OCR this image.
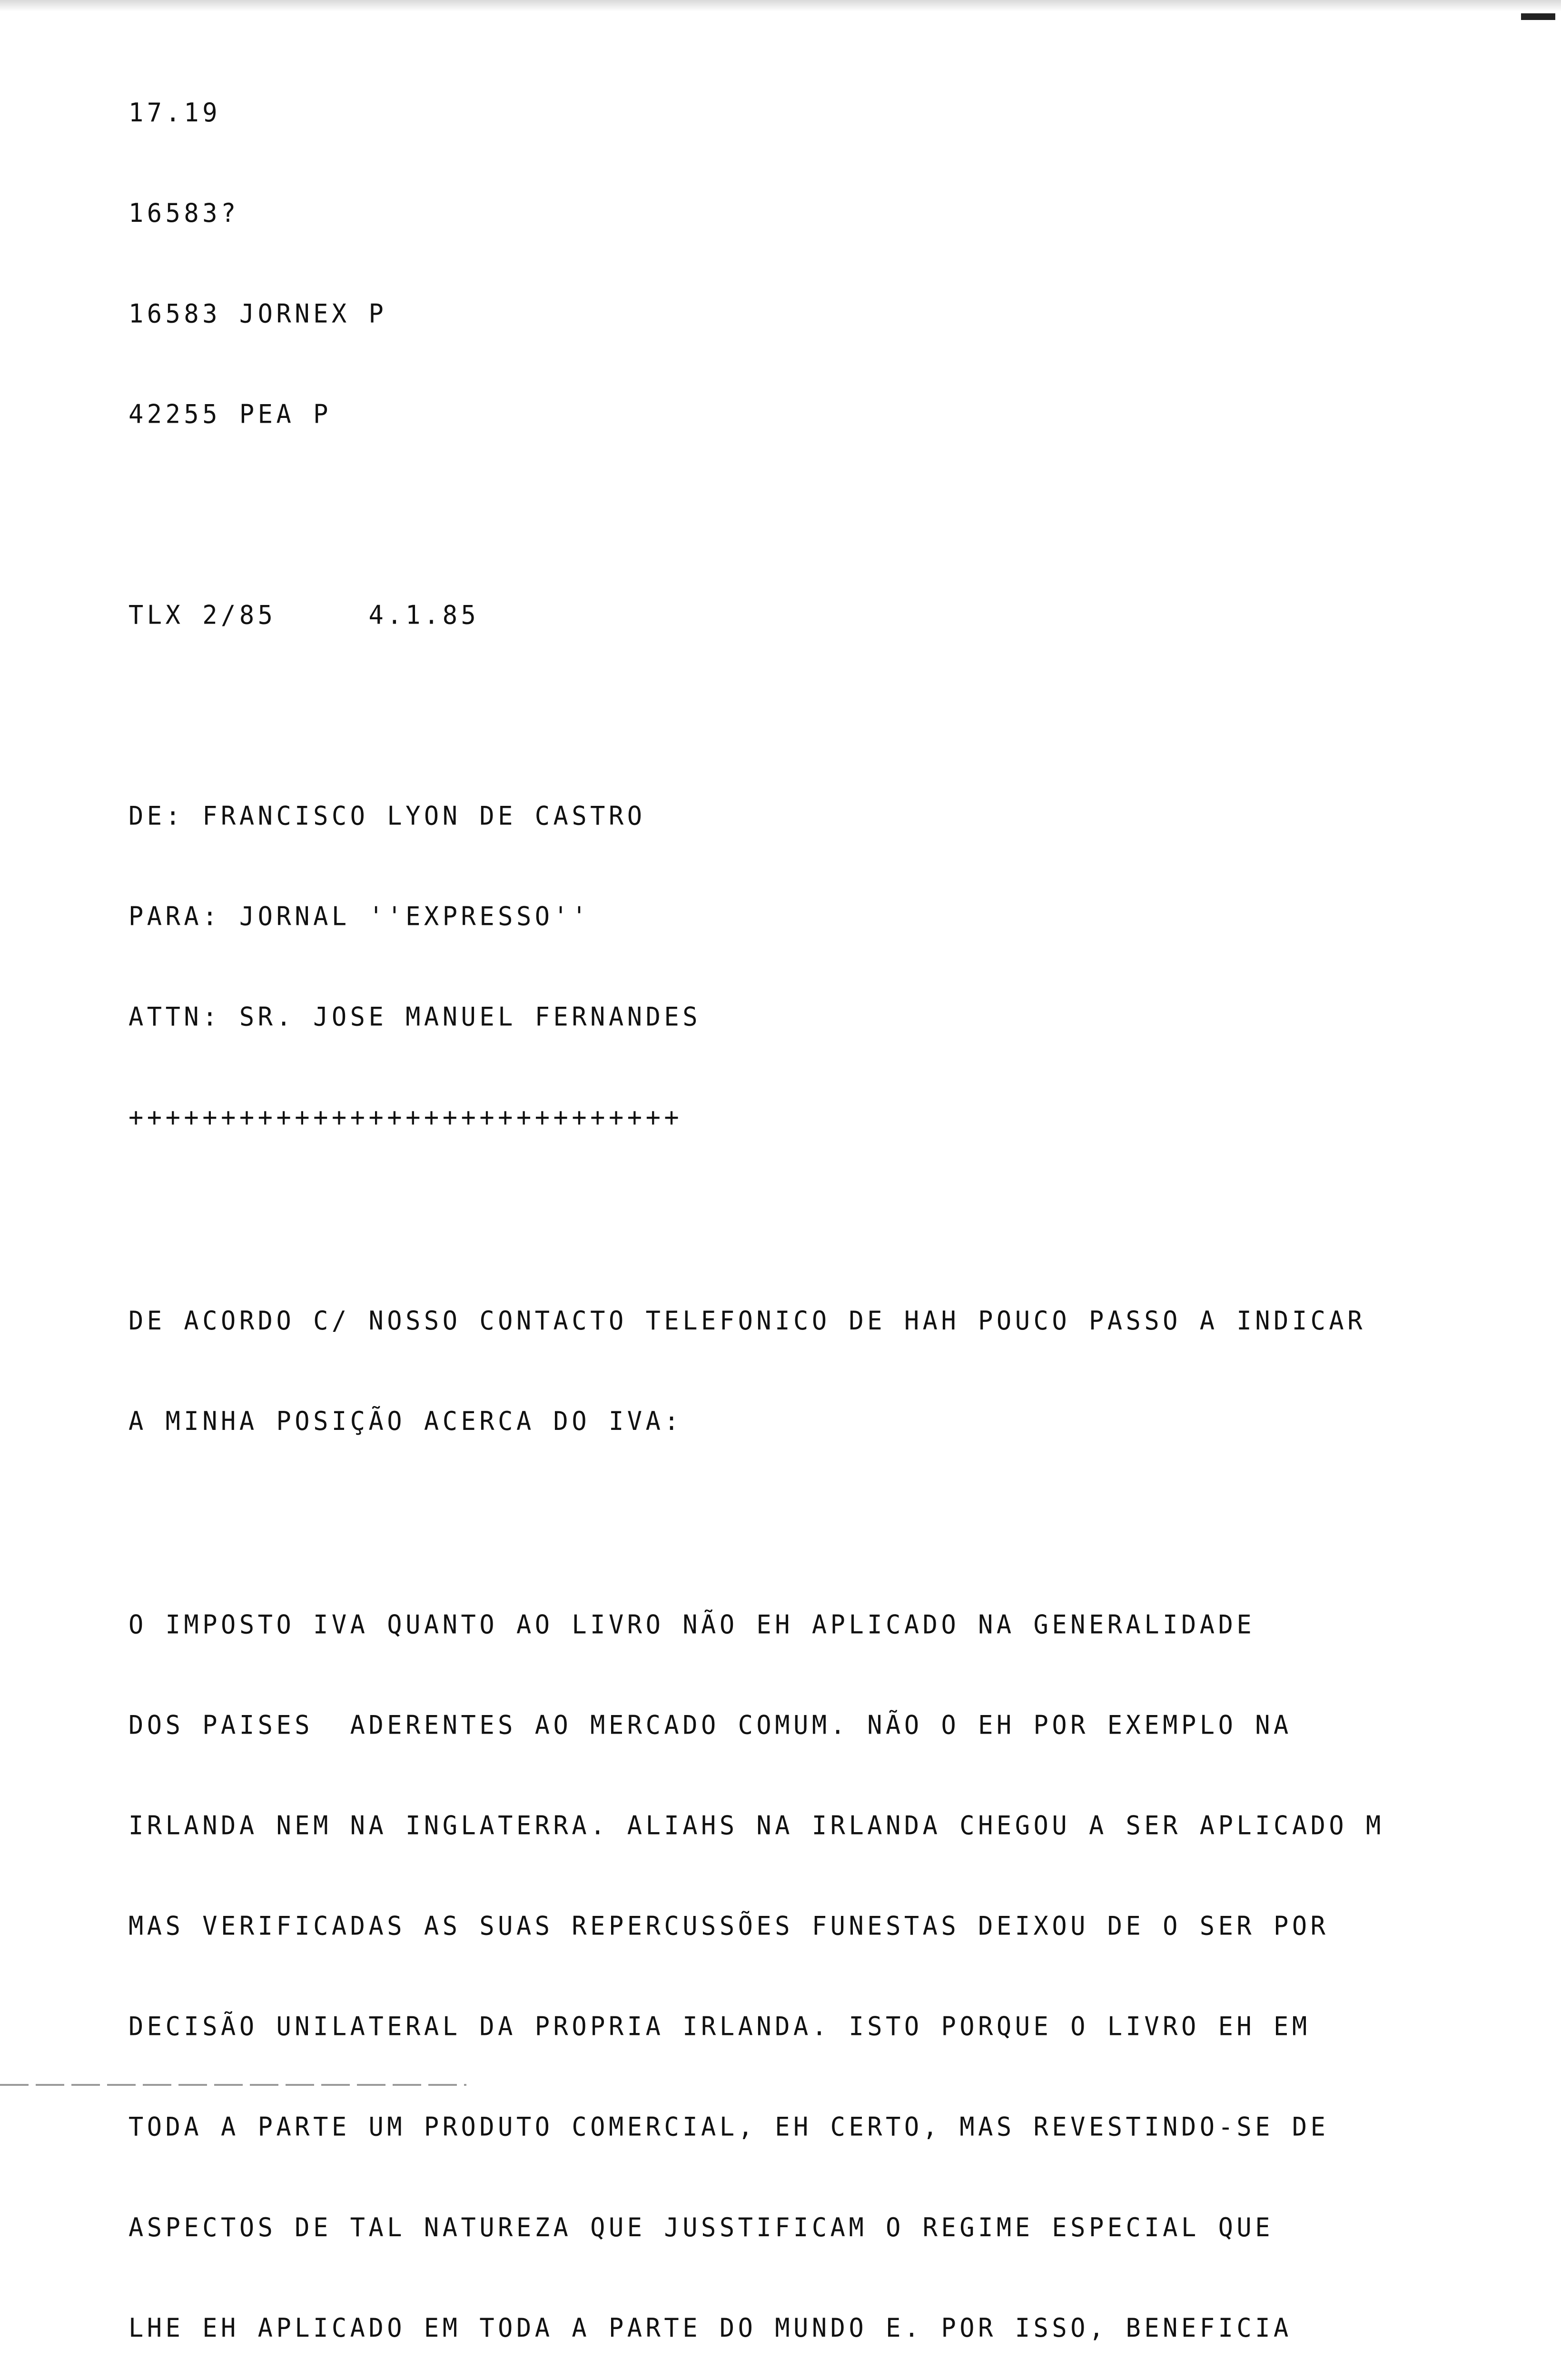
17.19

16583?

16583 JORNEX P

42255 PEA P

TLX 2/85	4.1.85

DE: FRANCISCO LYON DE CASTRO

PARA: JORNAL ''EXPRESSO''

ATTN: SR. JOSE MANUEL FERNANDES

++++++++++++++++++++++++++++++

DE ACORDO C/ NOSSO CONTACTO TELEFONICO DE HAH POUCO PASSO A INDICAR

A MINHA POSIÇÃO ACERCA DO IVA:

O IMPOSTO IVA QUANTO AO LIVRO NÃO EH APLICADO NA GENERALIDADE

DOS PAISES  ADERENTES AO MERCADO COMUM. NÃO O EH POR EXEMPLO NA

IRLANDA NEM NA INGLATERRA. ALIAHS NA IRLANDA CHEGOU A SER APLICADO M

MAS VERIFICADAS AS SUAS REPERCUSSÕES FUNESTAS DEIXOU DE O SER POR

DECISÃO UNILATERAL DA PROPRIA IRLANDA. ISTO PORQUE O LIVRO EH EM

TODA A PARTE UM PRODUTO COMERCIAL, EH CERTO, MAS REVESTINDO-SE DE

ASPECTOS DE TAL NATUREZA QUE JUSSTIFICAM O REGIME ESPECIAL QUE

LHE EH APLICADO EM TODA A PARTE DO MUNDO E. POR ISSO, BENEFICIA
